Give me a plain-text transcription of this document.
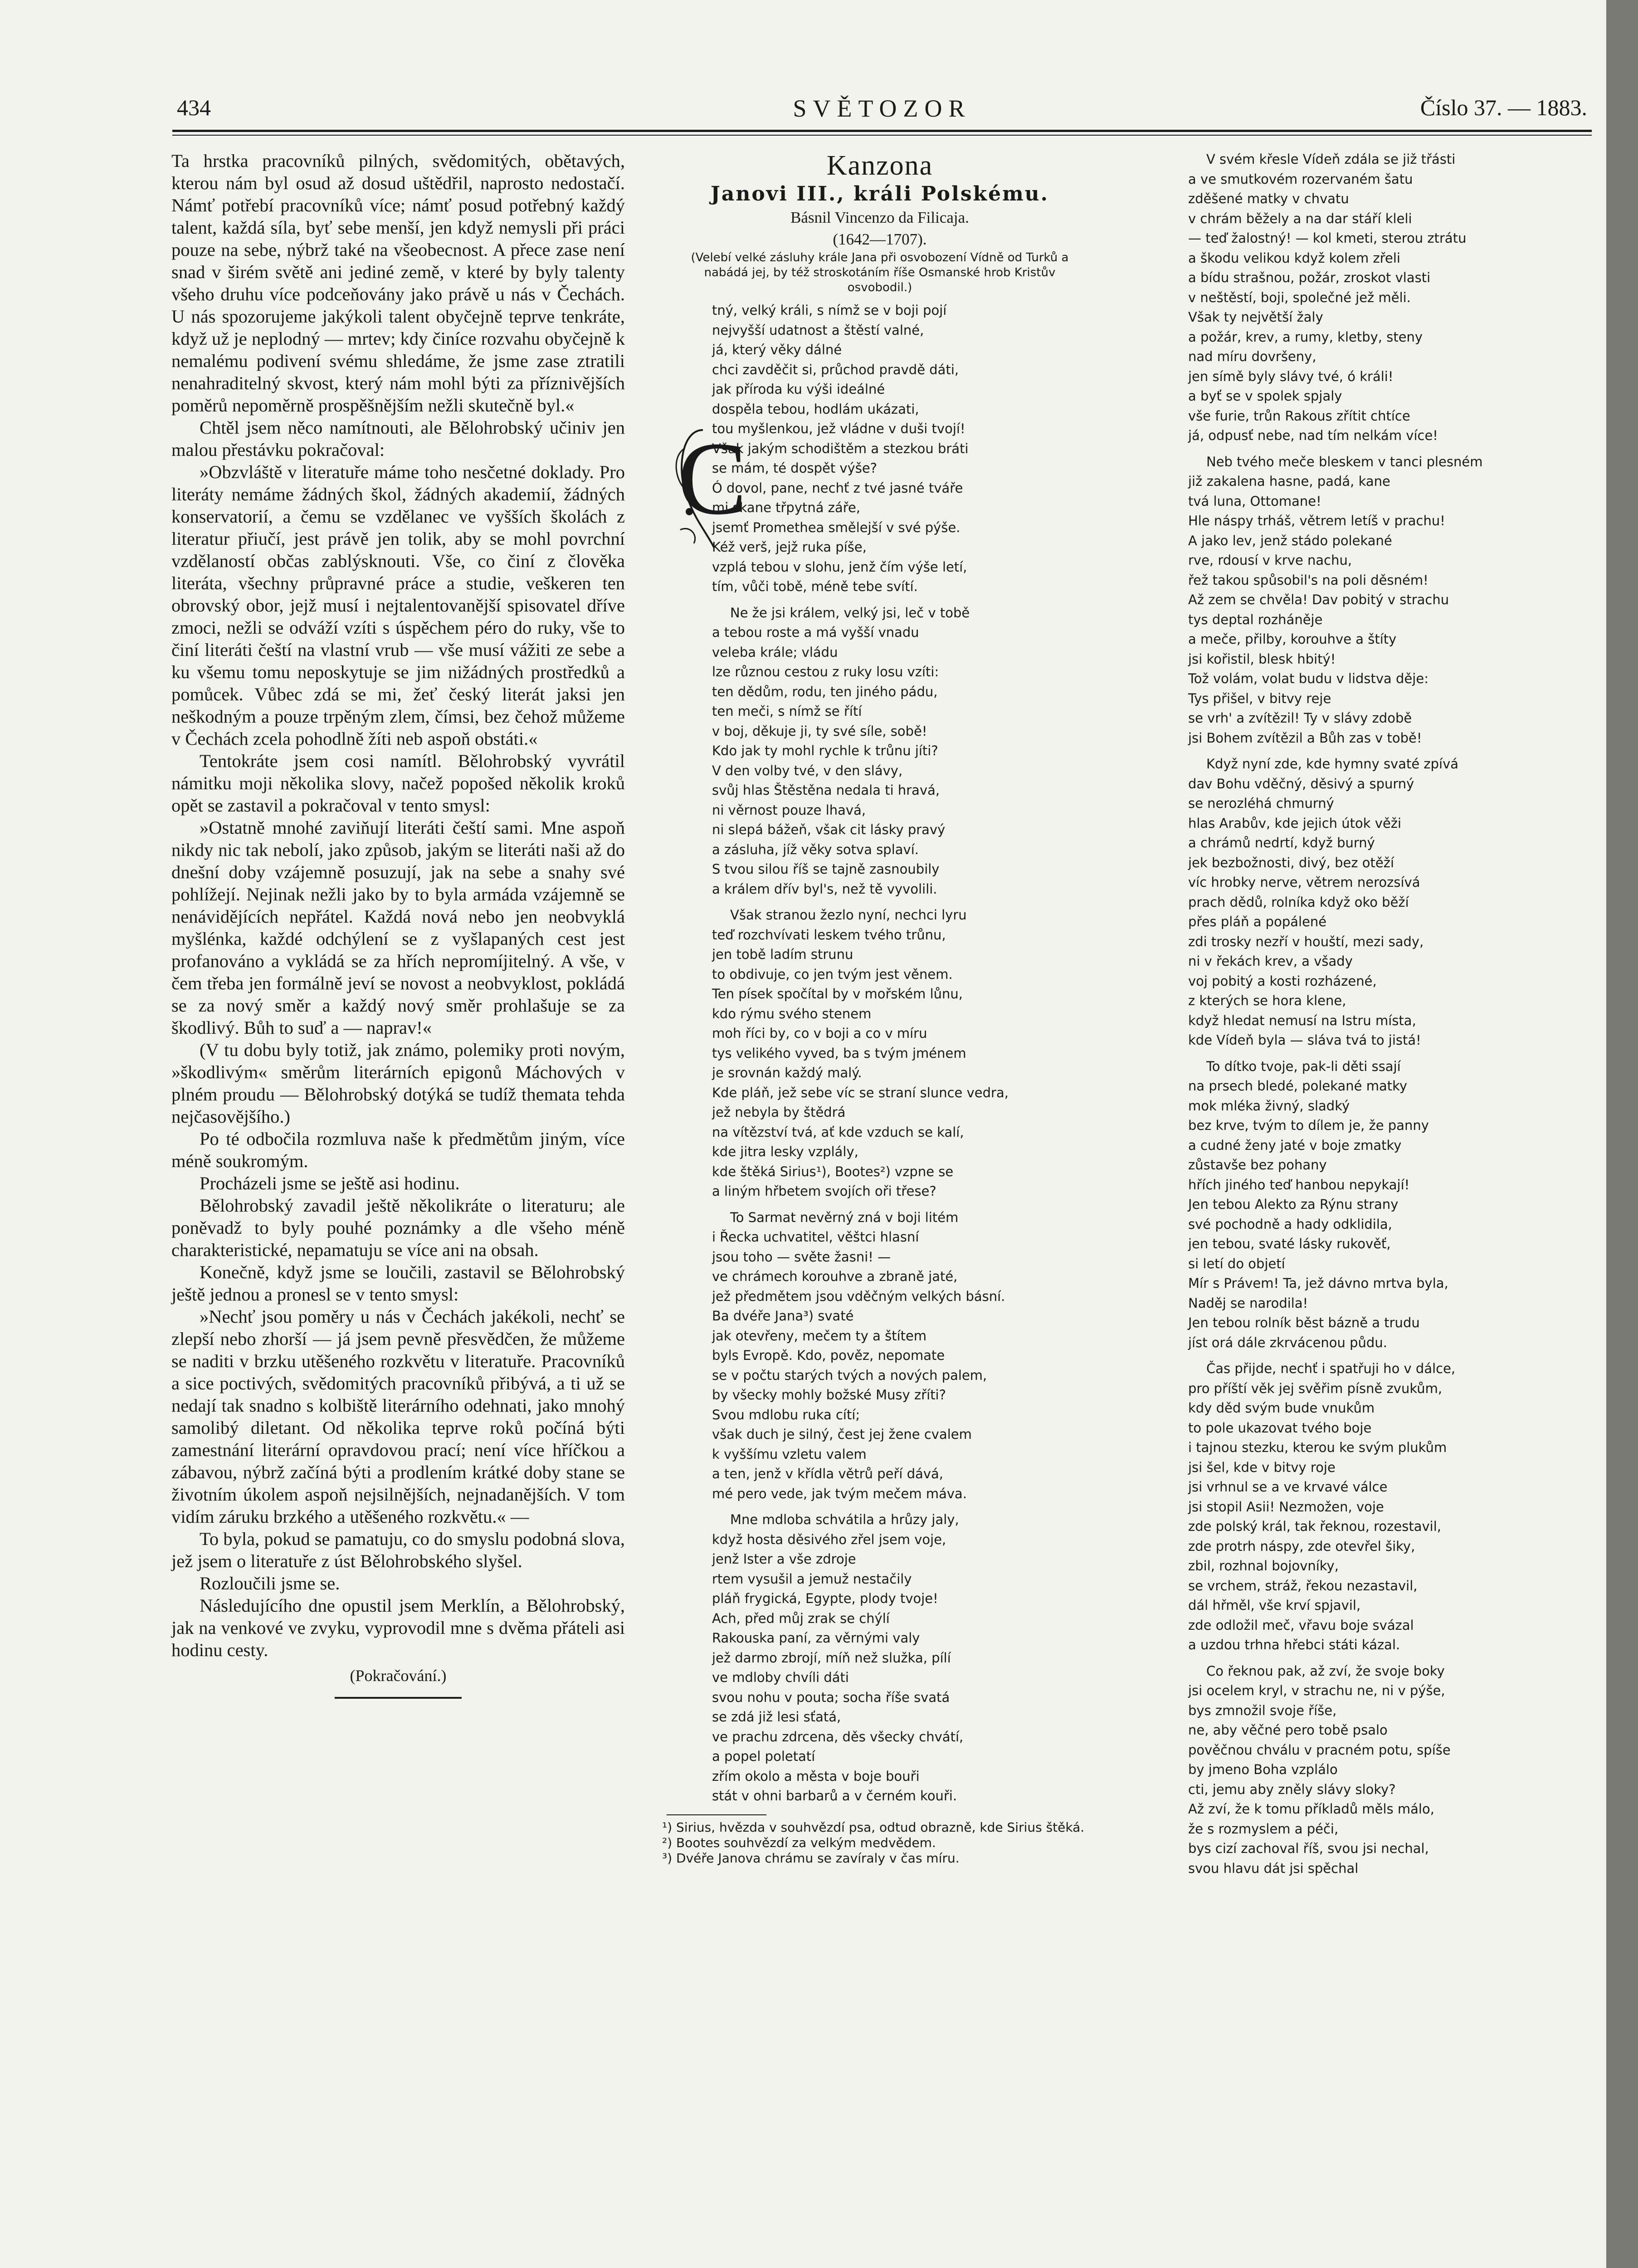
434	SVĚTOZOR	Číslo 37. — 1883.

Ta hrstka pracovníků pilných, svědomitých, obětavých, kterou nám byl osud až dosud uštědřil, naprosto nedostačí. Námť potřebí pracovníků více; námť posud potřebný každý talent, každá síla, byť sebe menší, jen když nemysli při práci pouze na sebe, nýbrž také na všeobecnost. A přece zase není snad v širém světě ani jediné země, v které by byly talenty všeho druhu více podceňovány jako právě u nás v Čechách. U nás spozorujeme jakýkoli talent obyčejně teprve tenkráte, když už je neplodný — mrtev; kdy činíce rozvahu obyčejně k nemalému podivení svému shledáme, že jsme zase ztratili nenahraditelný skvost, který nám mohl býti za příznivějších poměrů nepoměrně prospěšnějším nežli skutečně byl.«

Chtěl jsem něco namítnouti, ale Bělohrobský učiniv jen malou přestávku pokračoval:

»Obzvláště v literatuře máme toho nesčetné doklady. Pro literáty nemáme žádných škol, žádných akademií, žádných konservatorií, a čemu se vzdělanec ve vyšších školách z literatur přiučí, jest právě jen tolik, aby se mohl povrchní vzdělaností občas zablýsknouti. Vše, co činí z člověka literáta, všechny průpravné práce a studie, veškeren ten obrovský obor, jejž musí i nejtalentovanější spisovatel dříve zmoci, nežli se odváží vzíti s úspěchem péro do ruky, vše to činí literáti čeští na vlastní vrub — vše musí vážiti ze sebe a ku všemu tomu neposkytuje se jim nižádných prostředků a pomůcek. Vůbec zdá se mi, žeť český literát jaksi jen neškodným a pouze trpěným zlem, čímsi, bez čehož můžeme v Čechách zcela pohodlně žíti neb aspoň obstáti.«

Tentokráte jsem cosi namítl. Bělohrobský vyvrátil námitku moji několika slovy, načež popošed několik kroků opět se zastavil a pokračoval v tento smysl:

»Ostatně mnohé zaviňují literáti čeští sami. Mne aspoň nikdy nic tak nebolí, jako způsob, jakým se literáti naši až do dnešní doby vzájemně posuzují, jak na sebe a snahy své pohlížejí. Nejinak nežli jako by to byla armáda vzájemně se nenávidějících nepřátel. Každá nová nebo jen neobvyklá myšlénka, každé odchýlení se z vyšlapaných cest jest profanováno a vykládá se za hřích nepromíjitelný. A vše, v čem třeba jen formálně jeví se novost a neobvyklost, pokládá se za nový směr a každý nový směr prohlašuje se za škodlivý. Bůh to suď a — naprav!«

(V tu dobu byly totiž, jak známo, polemiky proti novým, »škodlivým« směrům literárních epigonů Máchových v plném proudu — Bělohrobský dotýká se tudíž themata tehda nejčasovějšího.)

Po té odbočila rozmluva naše k předmětům jiným, více méně soukromým.

Procházeli jsme se ještě asi hodinu.

Bělohrobský zavadil ještě několikráte o literaturu; ale poněvadž to byly pouhé poznámky a dle všeho méně charakteristické, nepamatuju se více ani na obsah.

Konečně, když jsme se loučili, zastavil se Bělohrobský ještě jednou a pronesl se v tento smysl:

»Nechť jsou poměry u nás v Čechách jakékoli, nechť se zlepší nebo zhorší — já jsem pevně přesvědčen, že můžeme se naditi v brzku utěšeného rozkvětu v literatuře. Pracovníků a sice poctivých, svědomitých pracovníků přibývá, a ti už se nedají tak snadno s kolbiště literárního odehnati, jako mnohý samolibý diletant. Od několika teprve roků počíná býti zamestnání literární opravdovou prací; není více hříčkou a zábavou, nýbrž začíná býti a prodlením krátké doby stane se životním úkolem aspoň nejsilnějších, nejnadanějších. V tom vidím záruku brzkého a utěšeného rozkvětu.« —

To byla, pokud se pamatuju, co do smyslu podobná slova, jež jsem o literatuře z úst Bělohrobského slyšel.

Rozloučili jsme se.

Následujícího dne opustil jsem Merklín, a Bělohrobský, jak na venkové ve zvyku, vyprovodil mne s dvěma přáteli asi hodinu cesty.

(Pokračování.)

Kanzona
Janovi III., králi Polskému.
Básnil Vincenzo da Filicaja.
(1642—1707).
(Velebí velké zásluhy krále Jana při osvobození Vídně od Turků a nabádá jej, by též stroskotáním říše Osmanské hrob Kristův osvobodil.)
C
tný, velký králi, s nímž se v boji pojí
nejvyšší udatnost a štěstí valné,
já, který věky dálné
chci zavděčit si, průchod pravdě dáti,
jak příroda ku výši ideálné
dospěla tebou, hodlám ukázati,
tou myšlenkou, jež vládne v duši tvojí!
Však jakým schodištěm a stezkou bráti
se mám, té dospět výše?
Ó dovol, pane, nechť z tvé jasné tváře
mi skane třpytná záře,
jsemť Promethea smělejší v své pýše.
Kéž verš, jejž ruka píše,
vzplá tebou v slohu, jenž čím výše letí,
tím, vůči tobě, méně tebe svítí.
Ne že jsi králem, velký jsi, leč v tobě
a tebou roste a má vyšší vnadu
veleba krále; vládu
lze různou cestou z ruky losu vzíti:
ten dědům, rodu, ten jiného pádu,
ten meči, s nímž se řítí
v boj, děkuje ji, ty své síle, sobě!
Kdo jak ty mohl rychle k trůnu jíti?
V den volby tvé, v den slávy,
svůj hlas Štěstěna nedala ti hravá,
ni věrnost pouze lhavá,
ni slepá bážeň, však cit lásky pravý
a zásluha, jíž věky sotva splaví.
S tvou silou říš se tajně zasnoubily
a králem dřív byl's, než tě vyvolili.
Však stranou žezlo nyní, nechci lyru
teď rozchvívati leskem tvého trůnu,
jen tobě ladím strunu
to obdivuje, co jen tvým jest věnem.
Ten písek spočítal by v mořském lůnu,
kdo rýmu svého stenem
moh říci by, co v boji a co v míru
tys velikého vyved, ba s tvým jménem
je srovnán každý malý.
Kde pláň, jež sebe víc se straní slunce vedra,
jež nebyla by štědrá
na vítězství tvá, ať kde vzduch se kalí,
kde jitra lesky vzplály,
kde štěká Sirius¹), Bootes²) vzpne se
a liným hřbetem svojích oři třese?
To Sarmat nevěrný zná v boji litém
i Řecka uchvatitel, věštci hlasní
jsou toho — světe žasni! —
ve chrámech korouhve a zbraně jaté,
jež předmětem jsou vděčným velkých básní.
Ba dvéře Jana³) svaté
jak otevřeny, mečem ty a štítem
byls Evropě. Kdo, pověz, nepomate
se v počtu starých tvých a nových palem,
by všecky mohly božské Musy zříti?
Svou mdlobu ruka cítí;
však duch je silný, čest jej žene cvalem
k vyššímu vzletu valem
a ten, jenž v křídla větrů peří dává,
mé pero vede, jak tvým mečem máva.
Mne mdloba schvátila a hrůzy jaly,
když hosta děsivého zřel jsem voje,
jenž Ister a vše zdroje
rtem vysušil a jemuž nestačily
pláň frygická, Egypte, plody tvoje!
Ach, před můj zrak se chýlí
Rakouska paní, za věrnými valy
jež darmo zbrojí, míň než služka, pílí
ve mdloby chvíli dáti
svou nohu v pouta; socha říše svatá
se zdá již lesi sťatá,
ve prachu zdrcena, děs všecky chvátí,
a popel poletatí
zřím okolo a města v boje bouři
stát v ohni barbarů a v černém kouři.
¹) Sirius, hvězda v souhvězdí psa, odtud obrazně, kde Sirius štěká.
²) Bootes souhvězdí za velkým medvědem.
³) Dvéře Janova chrámu se zavíraly v čas míru.
V svém křesle Vídeň zdála se již třásti
a ve smutkovém rozervaném šatu
zděšené matky v chvatu
v chrám běžely a na dar stáří kleli
— teď žalostný! — kol kmeti, sterou ztrátu
a škodu velikou když kolem zřeli
a bídu strašnou, požár, zroskot vlasti
v neštěstí, boji, společné jež měli.
Však ty největší žaly
a požár, krev, a rumy, kletby, steny
nad míru dovršeny,
jen símě byly slávy tvé, ó králi!
a byť se v spolek spjaly
vše furie, trůn Rakous zřítit chtíce
já, odpusť nebe, nad tím nelkám více!
Neb tvého meče bleskem v tanci plesném
již zakalena hasne, padá, kane
tvá luna, Ottomane!
Hle náspy trháš, větrem letíš v prachu!
A jako lev, jenž stádo polekané
rve, rdousí v krve nachu,
řež takou spůsobil's na poli děsném!
Až zem se chvěla! Dav pobitý v strachu
tys deptal rozháněje
a meče, přilby, korouhve a štíty
jsi kořistil, blesk hbitý!
Tož volám, volat budu v lidstva děje:
Tys přišel, v bitvy reje
se vrh' a zvítězil! Ty v slávy zdobě
jsi Bohem zvítězil a Bůh zas v tobě!
Když nyní zde, kde hymny svaté zpívá
dav Bohu vděčný, děsivý a spurný
se nerozléhá chmurný
hlas Arabův, kde jejich útok věži
a chrámů nedrtí, když burný
jek bezbožnosti, divý, bez otěží
víc hrobky nerve, větrem nerozsívá
prach dědů, rolníka když oko běží
přes pláň a popálené
zdi trosky nezří v houští, mezi sady,
ni v řekách krev, a všady
voj pobitý a kosti rozházené,
z kterých se hora klene,
když hledat nemusí na Istru místa,
kde Vídeň byla — sláva tvá to jistá!
To dítko tvoje, pak-li děti ssají
na prsech bledé, polekané matky
mok mléka živný, sladký
bez krve, tvým to dílem je, že panny
a cudné ženy jaté v boje zmatky
zůstavše bez pohany
hřích jiného teď hanbou nepykají!
Jen tebou Alekto za Rýnu strany
své pochodně a hady odklidila,
jen tebou, svaté lásky rukověť,
si letí do objetí
Mír s Právem! Ta, jež dávno mrtva byla,
Naděj se narodila!
Jen tebou rolník běst bázně a trudu
jíst orá dále zkrvácenou půdu.
Čas přijde, nechť i spatřuji ho v dálce,
pro příští věk jej svěřim písně zvukům,
kdy děd svým bude vnukům
to pole ukazovat tvého boje
i tajnou stezku, kterou ke svým plukům
jsi šel, kde v bitvy roje
jsi vrhnul se a ve krvavé válce
jsi stopil Asii! Nezmožen, voje
zde polský král, tak řeknou, rozestavil,
zde protrh náspy, zde otevřel šiky,
zbil, rozhnal bojovníky,
se vrchem, stráž, řekou nezastavil,
dál hřměl, vše krví spjavil,
zde odložil meč, vřavu boje svázal
a uzdou trhna hřebci státi kázal.
Co řeknou pak, až zví, že svoje boky
jsi ocelem kryl, v strachu ne, ni v pýše,
bys zmnožil svoje říše,
ne, aby věčné pero tobě psalo
pověčnou chválu v pracném potu, spíše
by jmeno Boha vzplálo
cti, jemu aby zněly slávy sloky?
Až zví, že k tomu příkladů měls málo,
že s rozmyslem a péči,
bys cizí zachoval říš, svou jsi nechal,
svou hlavu dát jsi spěchal
